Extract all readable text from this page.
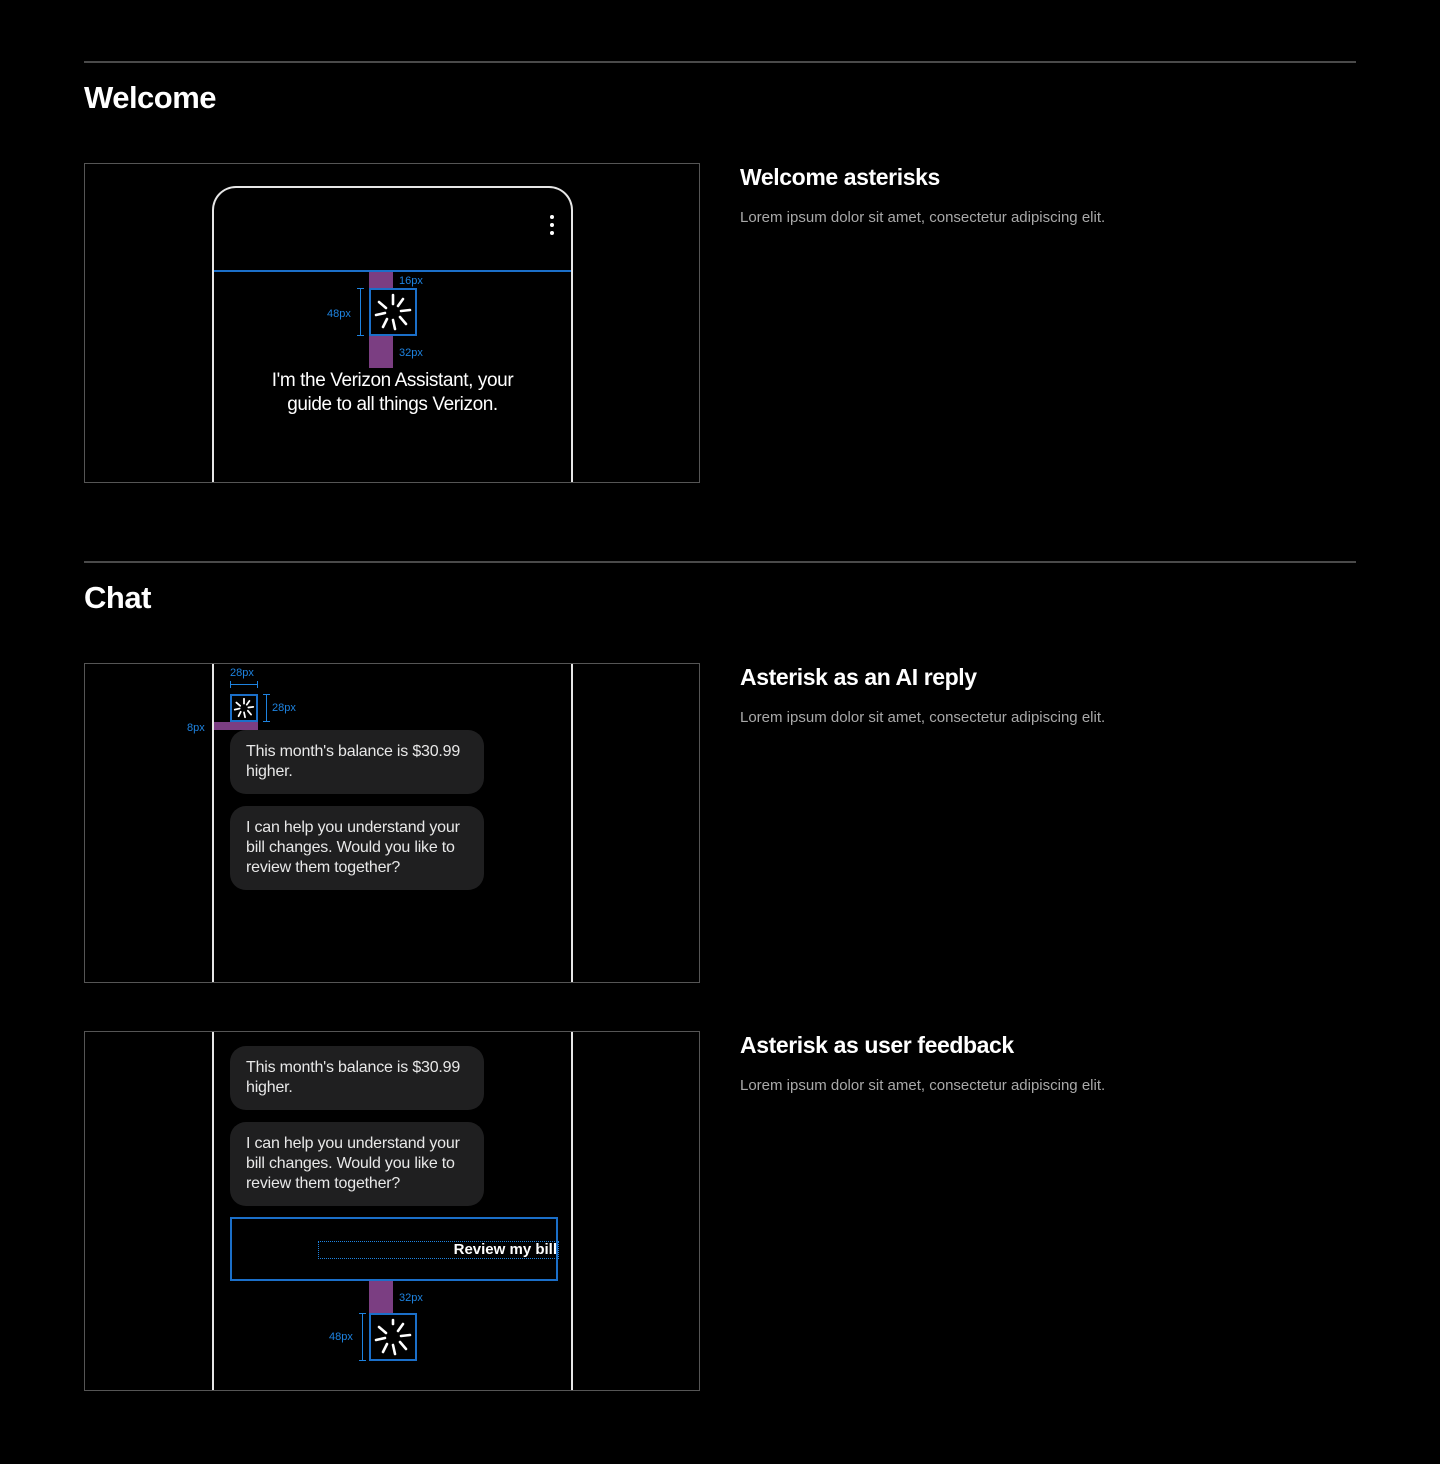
Welcome
16px
48px
32px
I'm the Verizon Assistant, your
guide to all things Verizon.
Welcome asterisks
Lorem ipsum dolor sit amet, consectetur adipiscing elit.
Chat
28px
28px
This month's balance is $30.99 higher.
I can help you understand your bill changes. Would you like to review them together?
8px
Asterisk as an AI reply
Lorem ipsum dolor sit amet, consectetur adipiscing elit.
This month's balance is $30.99 higher.
I can help you understand your bill changes. Would you like to review them together?
Review my bill
32px
48px
Asterisk as user feedback
Lorem ipsum dolor sit amet, consectetur adipiscing elit.
